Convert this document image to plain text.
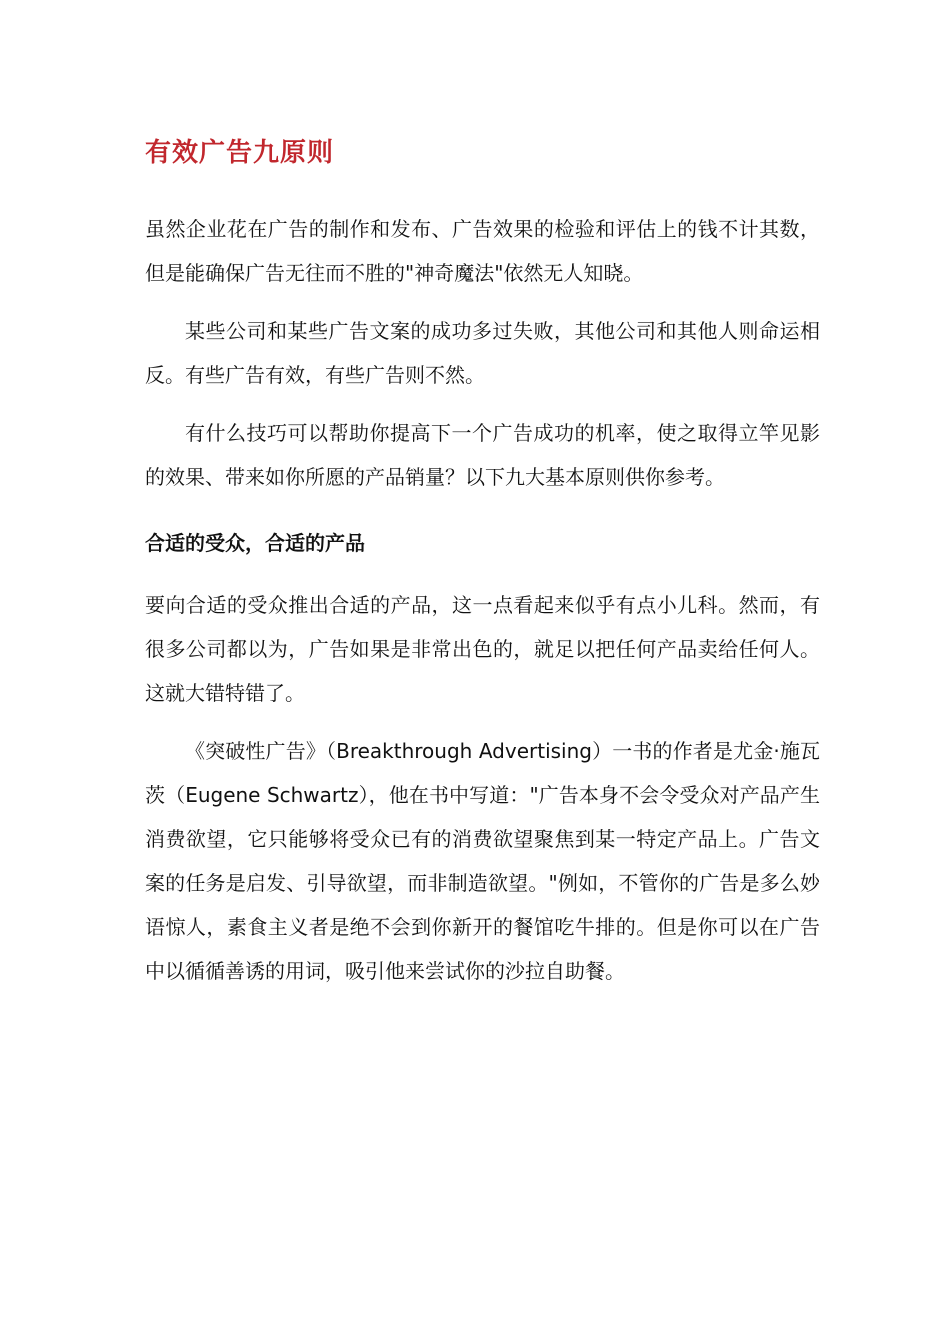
有效广告九原则

虽然企业花在广告的制作和发布、广告效果的检验和评估上的钱不计其数，但是能确保广告无往而不胜的"神奇魔法"依然无人知晓。

某些公司和某些广告文案的成功多过失败，其他公司和其他人则命运相反。有些广告有效，有些广告则不然。

有什么技巧可以帮助你提高下一个广告成功的机率，使之取得立竿见影的效果、带来如你所愿的产品销量？以下九大基本原则供你参考。

合适的受众，合适的产品

要向合适的受众推出合适的产品，这一点看起来似乎有点小儿科。然而，有很多公司都以为，广告如果是非常出色的，就足以把任何产品卖给任何人。这就大错特错了。

《突破性广告》（Breakthrough Advertising）一书的作者是尤金·施瓦茨（Eugene Schwartz），他在书中写道："广告本身不会令受众对产品产生消费欲望，它只能够将受众已有的消费欲望聚焦到某一特定产品上。广告文案的任务是启发、引导欲望，而非制造欲望。"例如，不管你的广告是多么妙语惊人，素食主义者是绝不会到你新开的餐馆吃牛排的。但是你可以在广告中以循循善诱的用词，吸引他来尝试你的沙拉自助餐。
